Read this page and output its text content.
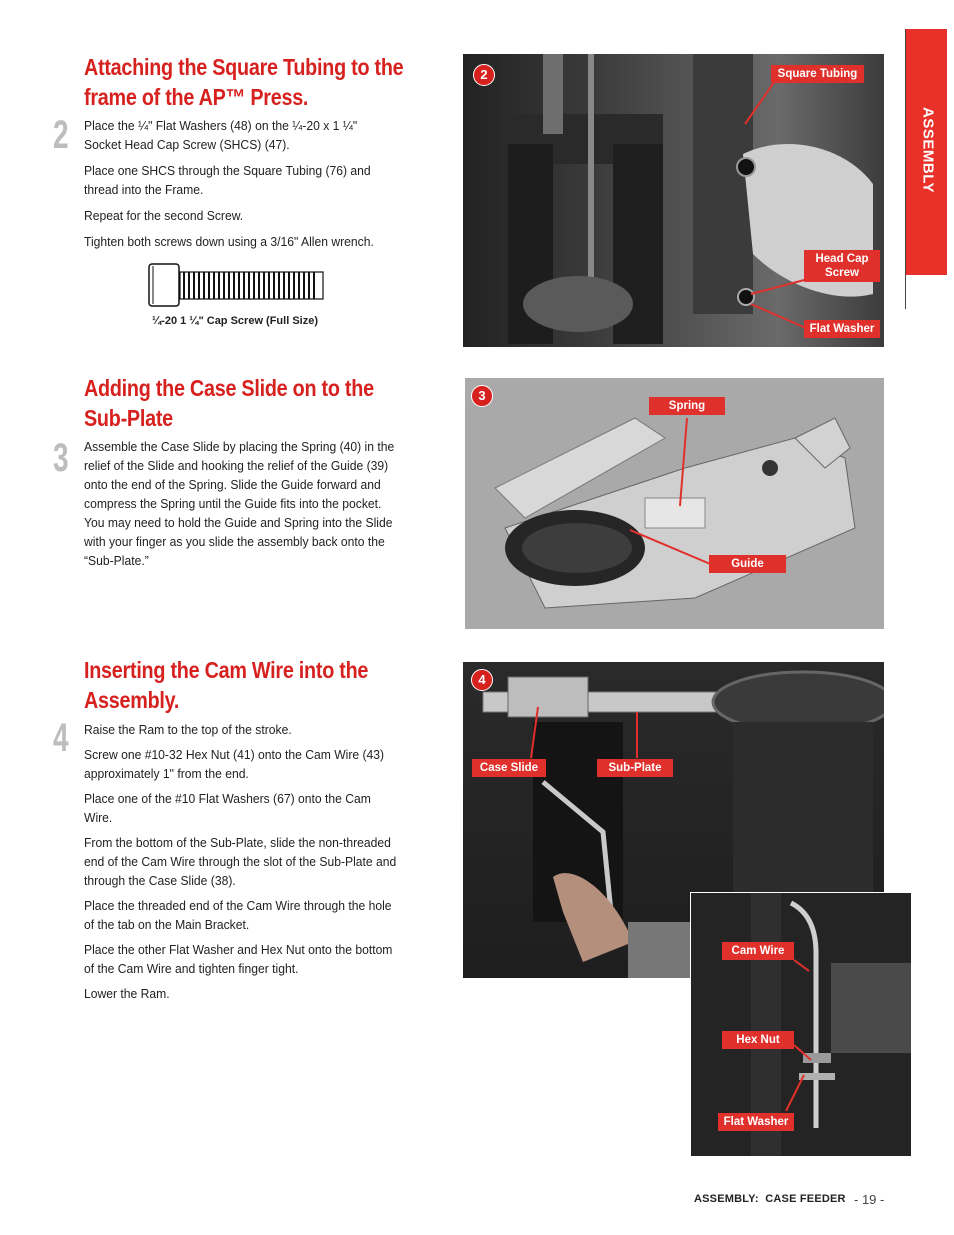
ASSEMBLY
Attaching the Square Tubing to the
frame of the AP™ Press.
2 Place the ¼" Flat Washers (48) on the ¼-20 x 1 ¼" Socket Head Cap Screw (SHCS) (47).
Place one SHCS through the Square Tubing (76) and thread into the Frame.
Repeat for the second Screw.
Tighten both screws down using a 3/16" Allen wrench.
¼-20 1 ¼" Cap Screw (Full Size)
2	Square Tubing
Head Cap
Screw
Flat Washer
Adding the Case Slide on to the
Sub-Plate
3 Assemble the Case Slide by placing the Spring (40) in the relief of the Slide and hooking the relief of the Guide (39) onto the end of the Spring. Slide the Guide forward and compress the Spring until the Guide fits into the pocket. You may need to hold the Guide and Spring into the Slide with your finger as you slide the assembly back onto the “Sub-Plate.”
3
Spring
Guide
Inserting the Cam Wire into the
Assembly.
4 Raise the Ram to the top of the stroke.
Screw one #10-32 Hex Nut (41) onto the Cam Wire (43) approximately 1" from the end.
Place one of the #10 Flat Washers (67) onto the Cam Wire.
From the bottom of the Sub-Plate, slide the non-threaded end of the Cam Wire through the slot of the Sub-Plate and through the Case Slide (38).
Place the threaded end of the Cam Wire through the hole of the tab on the Main Bracket.
Place the other Flat Washer and Hex Nut onto the bottom of the Cam Wire and tighten finger tight.
Lower the Ram.
4
Case Slide	Sub-Plate
Cam Wire
Hex Nut
Flat Washer
ASSEMBLY:  CASE FEEDER - 19 -
